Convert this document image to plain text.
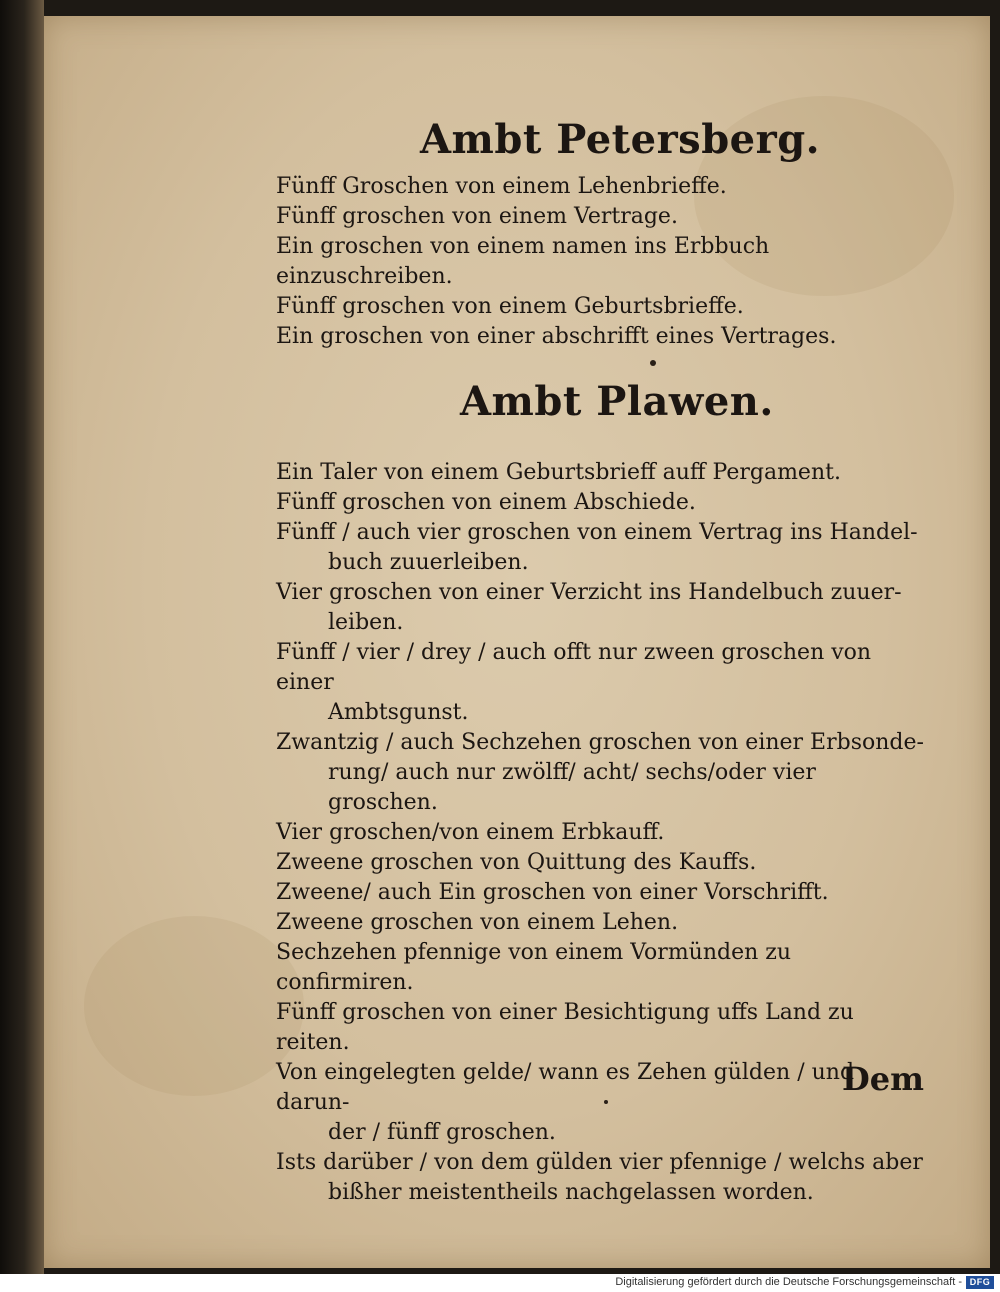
Ambt Petersberg.
Fünff Groschen von einem Lehenbrieffe.
Fünff groschen von einem Vertrage.
Ein groschen von einem namen ins Erbbuch einzuschreiben.
Fünff groschen von einem Geburtsbrieffe.
Ein groschen von einer abschrifft eines Vertrages.
Ambt Plawen.
Ein Taler von einem Geburtsbrieff auff Pergament.
Fünff groschen von einem Abschiede.
Fünff / auch vier groschen von einem Vertrag ins Handel-
buch zuuerleiben.
Vier groschen von einer Verzicht ins Handelbuch zuuer-
leiben.
Fünff / vier / drey / auch offt nur zween groschen von einer
Ambtsgunst.
Zwantzig / auch Sechzehen groschen von einer Erbsonde-
rung/ auch nur zwölff/ acht/ sechs/oder vier groschen.
Vier groschen/von einem Erbkauff.
Zweene groschen von Quittung des Kauffs.
Zweene/ auch Ein groschen von einer Vorschrifft.
Zweene groschen von einem Lehen.
Sechzehen pfennige von einem Vormünden zu confirmiren.
Fünff groschen von einer Besichtigung uffs Land zu reiten.
Von eingelegten gelde/ wann es Zehen gülden / und darun-
der / fünff groschen.
Ists darüber / von dem gülden vier pfennige / welchs aber
bißher meistentheils nachgelassen worden.
Dem
Digitalisierung gefördert durch die Deutsche Forschungsgemeinschaft - DFG
